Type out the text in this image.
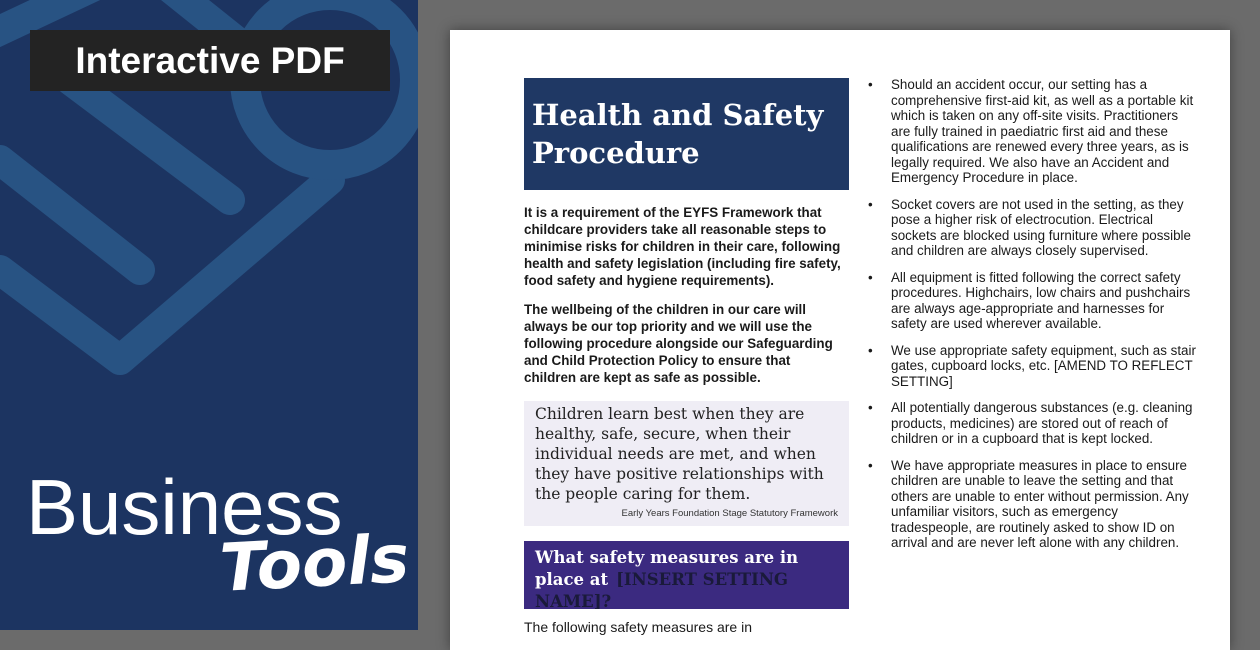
Interactive PDF
Business
Tools
Health and Safety Procedure
It is a requirement of the EYFS Framework that childcare providers take all reasonable steps to minimise risks for children in their care, following health and safety legislation (including fire safety, food safety and hygiene requirements).
The wellbeing of the children in our care will always be our top priority and we will use the following procedure alongside our Safeguarding and Child Protection Policy to ensure that children are kept as safe as possible.
Children learn best when they are healthy, safe, secure, when their individual needs are met, and when they have positive relationships with the people caring for them.
Early Years Foundation Stage Statutory Framework
What safety measures are in place at [INSERT SETTING NAME]?
The following safety measures are in
• Should an accident occur, our setting has a comprehensive first-aid kit, as well as a portable kit which is taken on any off-site visits. Practitioners are fully trained in paediatric first aid and these qualifications are renewed every three years, as is legally required. We also have an Accident and Emergency Procedure in place.
• Socket covers are not used in the setting, as they pose a higher risk of electrocution. Electrical sockets are blocked using furniture where possible and children are always closely supervised.
• All equipment is fitted following the correct safety procedures. Highchairs, low chairs and pushchairs are always age-appropriate and harnesses for safety are used wherever available.
• We use appropriate safety equipment, such as stair gates, cupboard locks, etc. [AMEND TO REFLECT SETTING]
• All potentially dangerous substances (e.g. cleaning products, medicines) are stored out of reach of children or in a cupboard that is kept locked.
• We have appropriate measures in place to ensure children are unable to leave the setting and that others are unable to enter without permission. Any unfamiliar visitors, such as emergency tradespeople, are routinely asked to show ID on arrival and are never left alone with any children.
